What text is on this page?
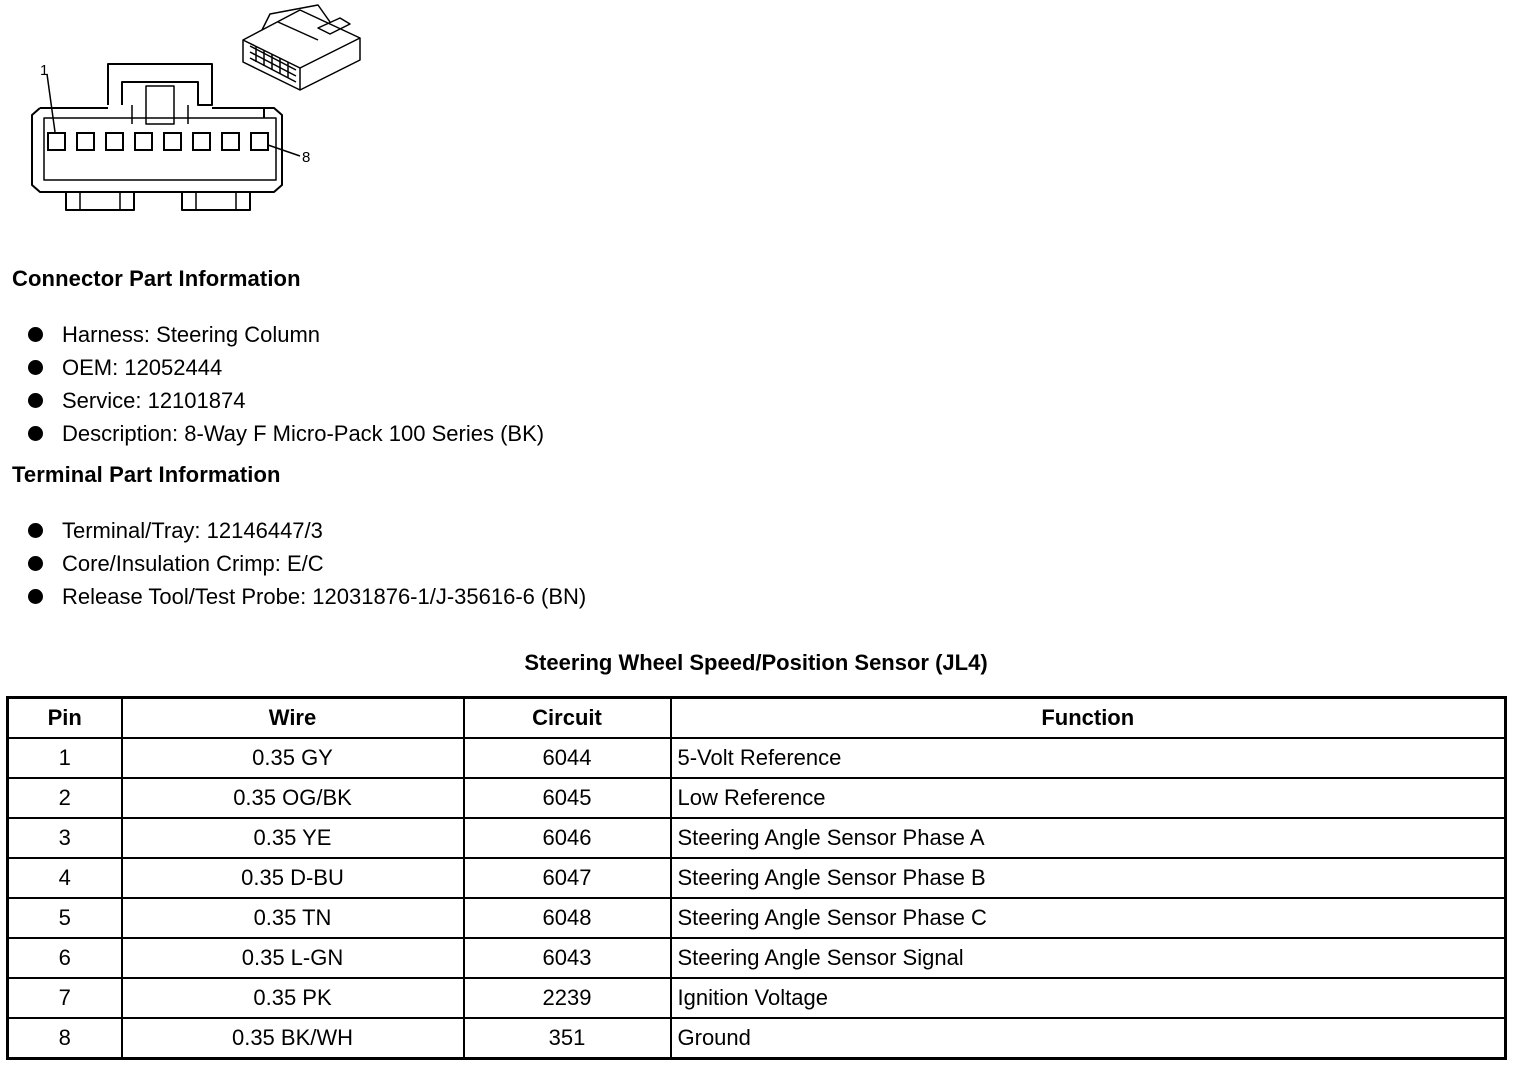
1
8
Connector Part Information
Harness: Steering Column
OEM: 12052444
Service: 12101874
Description: 8-Way F Micro-Pack 100 Series (BK)
Terminal Part Information
Terminal/Tray: 12146447/3
Core/Insulation Crimp: E/C
Release Tool/Test Probe: 12031876-1/J-35616-6 (BN)
Steering Wheel Speed/Position Sensor (JL4)
Pin	Wire	Circuit	Function
1	0.35 GY	6044	5-Volt Reference
2	0.35 OG/BK	6045	Low Reference
3	0.35 YE	6046	Steering Angle Sensor Phase A
4	0.35 D-BU	6047	Steering Angle Sensor Phase B
5	0.35 TN	6048	Steering Angle Sensor Phase C
6	0.35 L-GN	6043	Steering Angle Sensor Signal
7	0.35 PK	2239	Ignition Voltage
8	0.35 BK/WH	351	Ground
